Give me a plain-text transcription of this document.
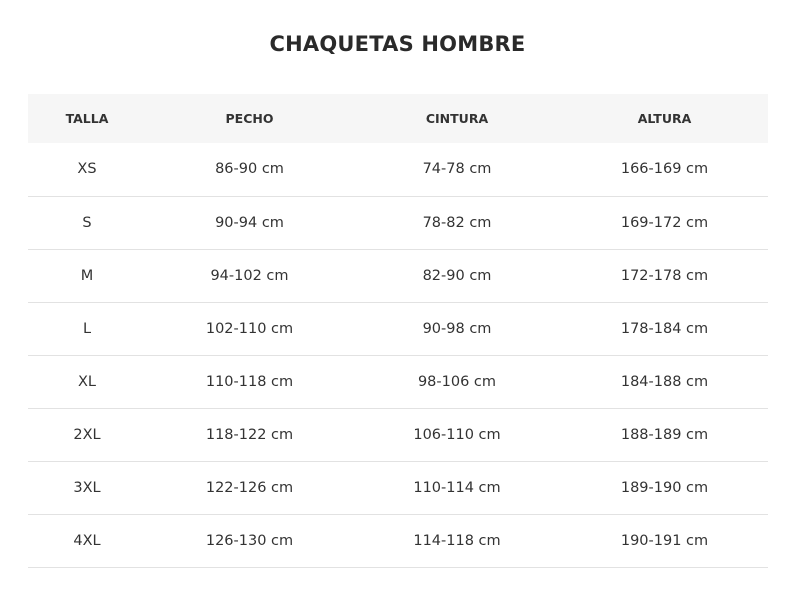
CHAQUETAS HOMBRE
TALLA	PECHO	CINTURA	ALTURA
XS	86-90 cm	74-78 cm	166-169 cm
S	90-94 cm	78-82 cm	169-172 cm
M	94-102 cm	82-90 cm	172-178 cm
L	102-110 cm	90-98 cm	178-184 cm
XL	110-118 cm	98-106 cm	184-188 cm
2XL	118-122 cm	106-110 cm	188-189 cm
3XL	122-126 cm	110-114 cm	189-190 cm
4XL	126-130 cm	114-118 cm	190-191 cm
